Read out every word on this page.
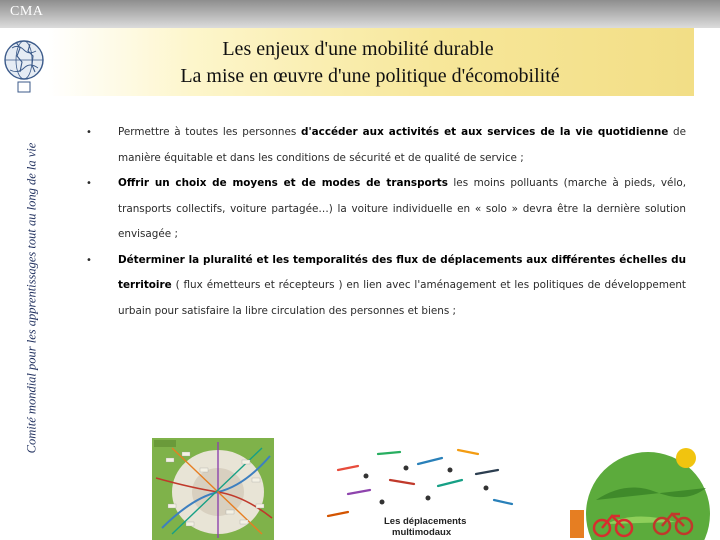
CMA
Comité mondial pour les apprentissages tout au long de la vie
Les enjeux d'une mobilité durable
La mise en œuvre d'une politique d'écomobilité
•	Permettre à toutes les personnes d'accéder aux activités et aux services de la vie quotidienne de manière équitable et dans les conditions de sécurité et de qualité de service ;
•	Offrir un choix de moyens et de modes de transports les moins polluants (marche à pieds, vélo, transports collectifs, voiture partagée…) la voiture individuelle en « solo » devra être la dernière solution envisagée ;
•	Déterminer la pluralité et les temporalités des flux de déplacements aux différentes échelles du territoire ( flux émetteurs et récepteurs ) en lien avec l'aménagement et les politiques de développement urbain pour satisfaire la libre circulation des personnes et biens ;
Les déplacements
multimodaux
